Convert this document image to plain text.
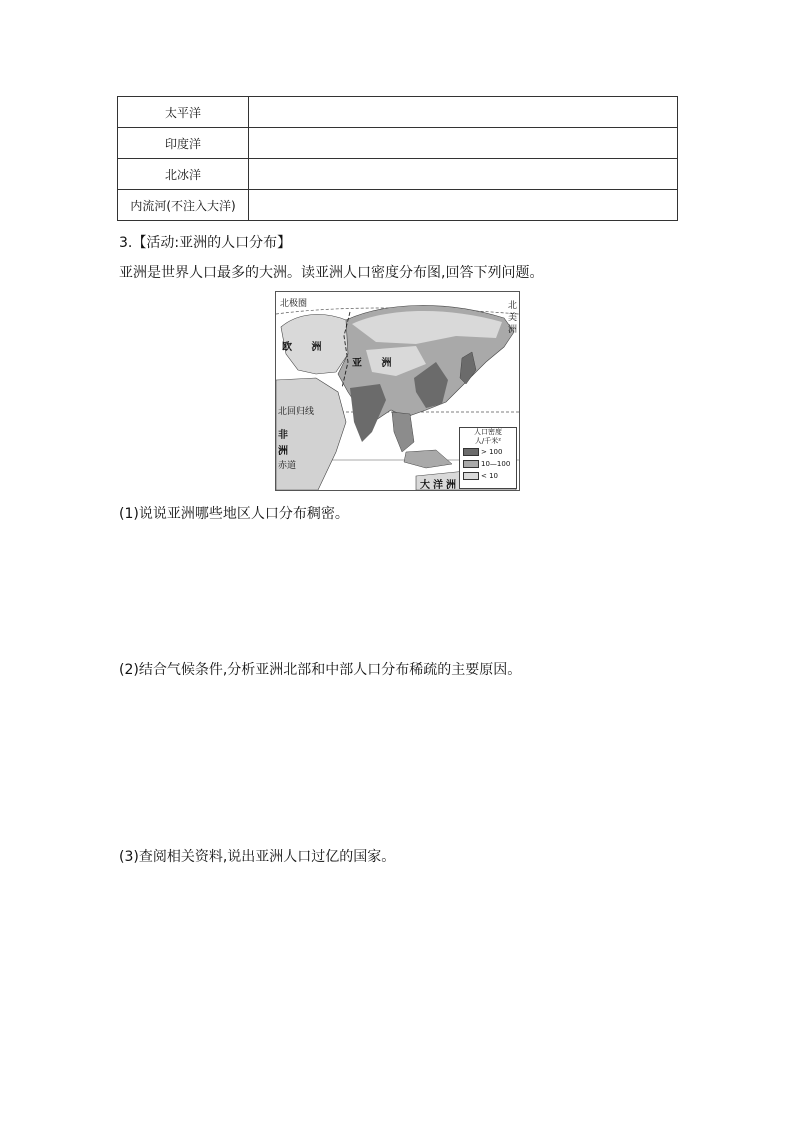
太平洋	
印度洋	
北冰洋	
内流河(不注入大洋)	
3.【活动:亚洲的人口分布】
亚洲是世界人口最多的大洲。读亚洲人口密度分布图,回答下列问题。
北极圈
欧 洲
亚 洲
北回归线
非
洲
赤道
大洋洲
北
美
洲
人口密度
人/千米²
> 100
10—100
< 10
(1)说说亚洲哪些地区人口分布稠密。
(2)结合气候条件,分析亚洲北部和中部人口分布稀疏的主要原因。
(3)查阅相关资料,说出亚洲人口过亿的国家。
